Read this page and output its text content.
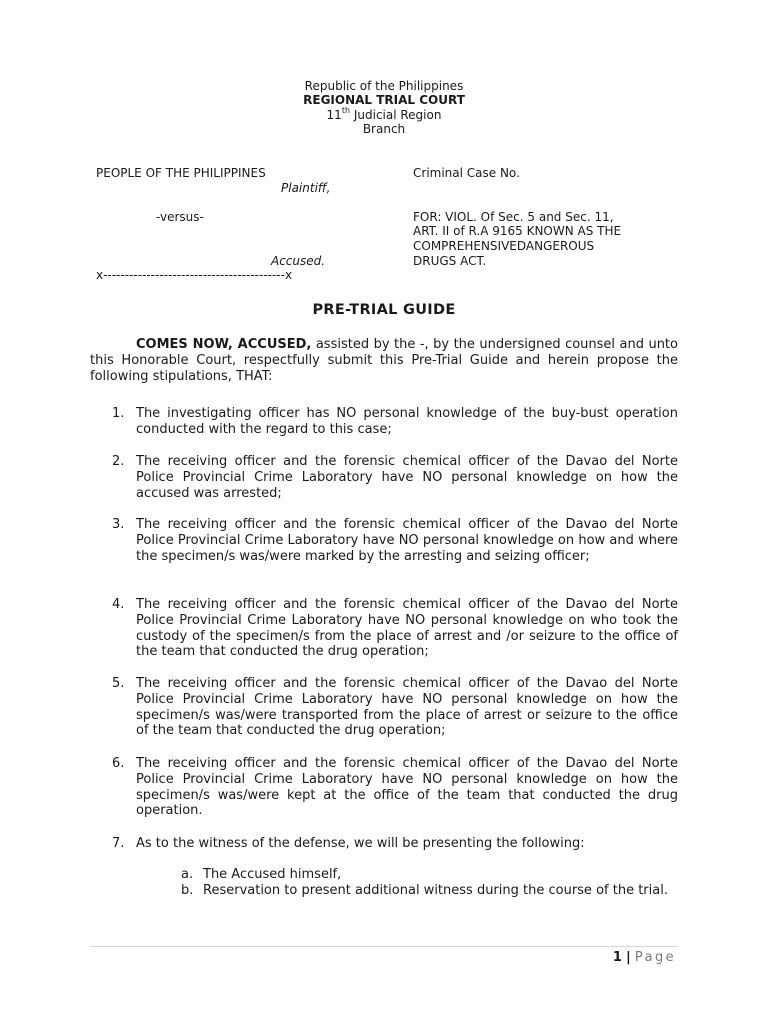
Republic of the Philippines
REGIONAL TRIAL COURT
11th Judicial Region
Branch
PEOPLE OF THE PHILIPPINES
Plaintiff,
-versus-
Accused.
x------------------------------------------x
Criminal Case No.
FOR: VIOL. Of Sec. 5 and Sec. 11,
ART. II of R.A 9165 KNOWN AS THE
COMPREHENSIVEDANGEROUS
DRUGS ACT.
PRE-TRIAL GUIDE
COMES NOW, ACCUSED, assisted by the -, by the undersigned counsel and unto this Honorable Court, respectfully submit this Pre-Trial Guide and herein propose the following stipulations, THAT:
1. The investigating officer has NO personal knowledge of the buy-bust operation conducted with the regard to this case;
2. The receiving officer and the forensic chemical officer of the Davao del Norte Police Provincial Crime Laboratory have NO personal knowledge on how the accused was arrested;
3. The receiving officer and the forensic chemical officer of the Davao del Norte Police Provincial Crime Laboratory have NO personal knowledge on how and where the specimen/s was/were marked by the arresting and seizing officer;
4. The receiving officer and the forensic chemical officer of the Davao del Norte Police Provincial Crime Laboratory have NO personal knowledge on who took the custody of the specimen/s from the place of arrest and /or seizure to the office of the team that conducted the drug operation;
5. The receiving officer and the forensic chemical officer of the Davao del Norte Police Provincial Crime Laboratory have NO personal knowledge on how the specimen/s was/were transported from the place of arrest or seizure to the office of the team that conducted the drug operation;
6. The receiving officer and the forensic chemical officer of the Davao del Norte Police Provincial Crime Laboratory have NO personal knowledge on how the specimen/s was/were kept at the office of the team that conducted the drug operation.
7. As to the witness of the defense, we will be presenting the following:
a. The Accused himself,
b. Reservation to present additional witness during the course of the trial.
1 | Page
